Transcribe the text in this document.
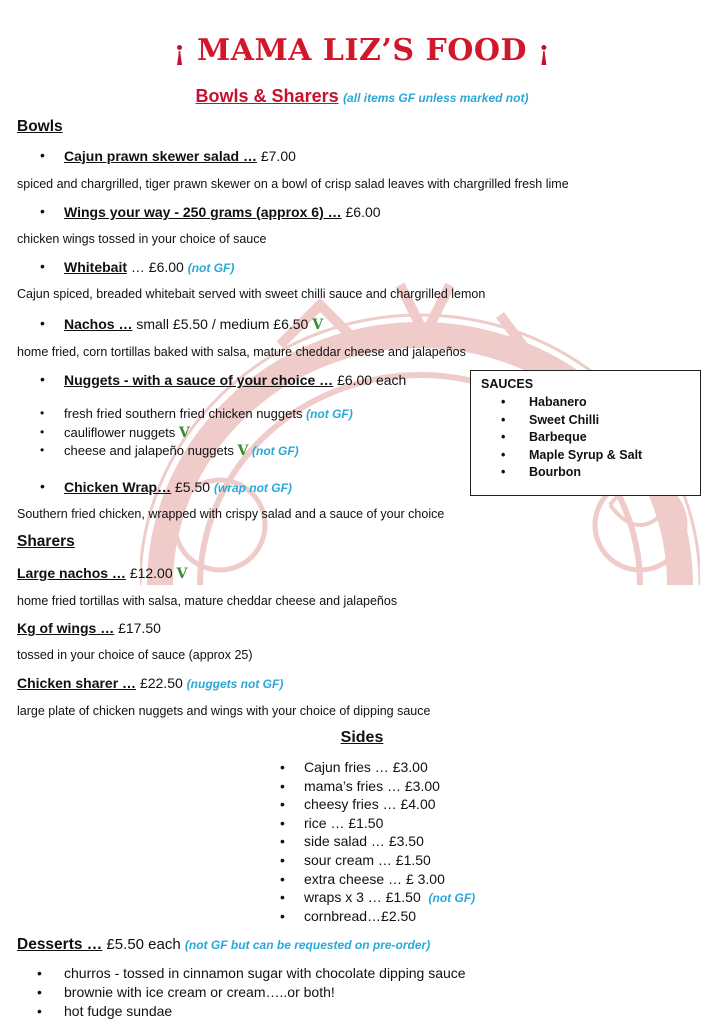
¡ MAMA LIZ’S FOOD ¡
Bowls & Sharers (all items GF unless marked not)
Bowls
• Cajun prawn skewer salad … £7.00
spiced and chargrilled, tiger prawn skewer on a bowl of crisp salad leaves with chargrilled fresh lime
• Wings your way - 250 grams (approx 6) … £6.00
chicken wings tossed in your choice of sauce
• Whitebait … £6.00 (not GF)
Cajun spiced, breaded whitebait served with sweet chilli sauce and chargrilled lemon
• Nachos … small £5.50 / medium £6.50 V
home fried, corn tortillas baked with salsa, mature cheddar cheese and jalapeños
• Nuggets - with a sauce of your choice … £6.00 each
• fresh fried southern fried chicken nuggets (not GF)
• cauliflower nuggets V
• cheese and jalapeño nuggets V (not GF)
• Chicken Wrap… £5.50 (wrap not GF)
Southern fried chicken, wrapped with crispy salad and a sauce of your choice
SAUCES
• Habanero
• Sweet Chilli
• Barbeque
• Maple Syrup & Salt
• Bourbon
Sharers
Large nachos … £12.00 V
home fried tortillas with salsa, mature cheddar cheese and jalapeños
Kg of wings … £17.50
tossed in your choice of sauce (approx 25)
Chicken sharer … £22.50 (nuggets not GF)
large plate of chicken nuggets and wings with your choice of dipping sauce
Sides
• Cajun fries … £3.00
• mama’s fries … £3.00
• cheesy fries … £4.00
• rice … £1.50
• side salad … £3.50
• sour cream … £1.50
• extra cheese … £ 3.00
• wraps x 3 … £1.50 (not GF)
• cornbread…£2.50
Desserts … £5.50 each (not GF but can be requested on pre-order)
• churros - tossed in cinnamon sugar with chocolate dipping sauce
• brownie with ice cream or cream…..or both!
• hot fudge sundae
